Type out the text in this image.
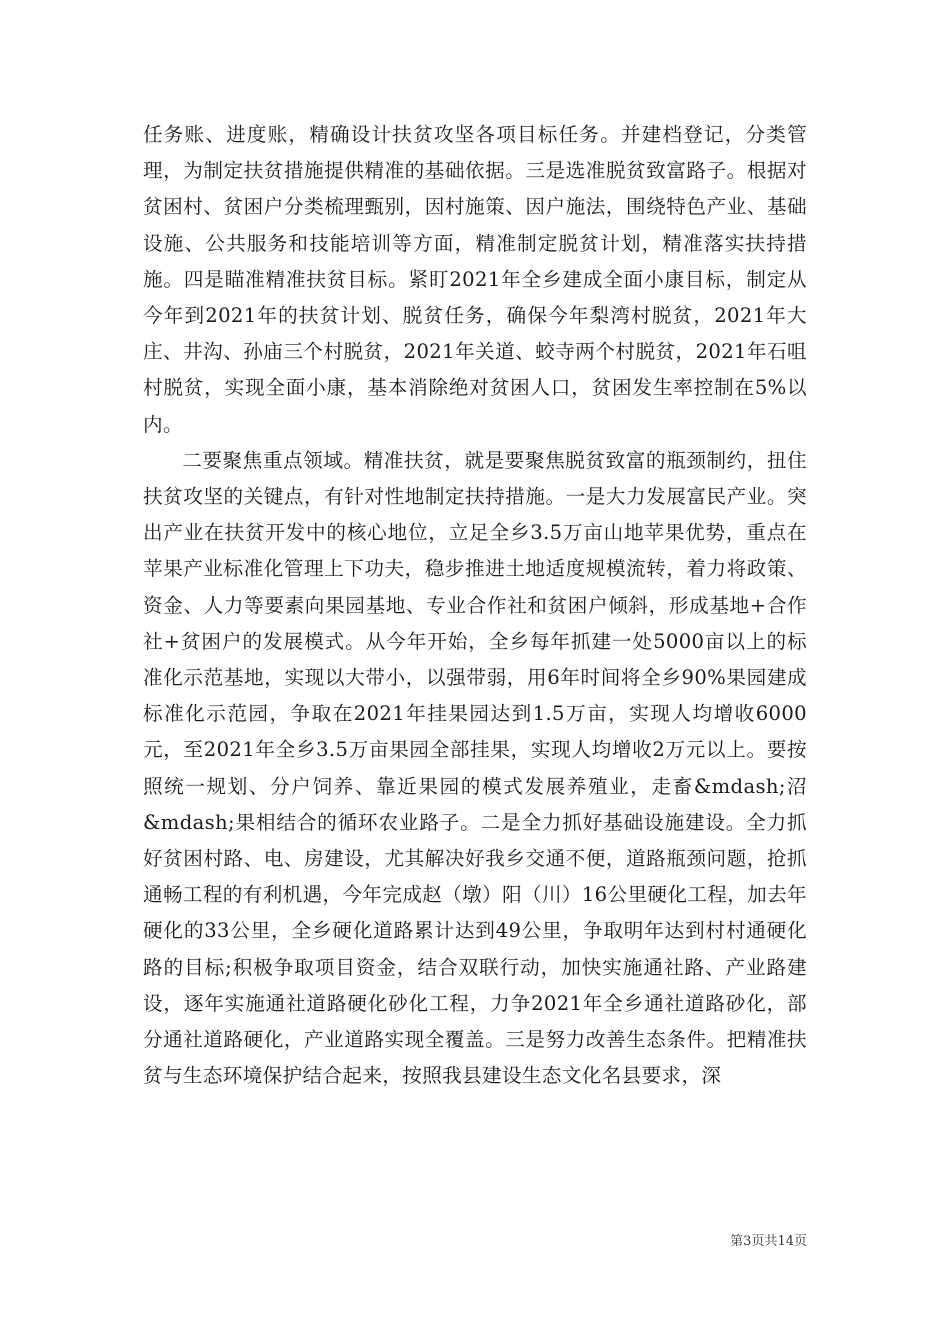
任务账、进度账，精确设计扶贫攻坚各项目标任务。并建档登记，分类管理，为制定扶贫措施提供精准的基础依据。三是选准脱贫致富路子。根据对贫困村、贫困户分类梳理甄别，因村施策、因户施法，围绕特色产业、基础设施、公共服务和技能培训等方面，精准制定脱贫计划，精准落实扶持措施。四是瞄准精准扶贫目标。紧盯2021年全乡建成全面小康目标，制定从今年到2021年的扶贫计划、脱贫任务，确保今年梨湾村脱贫，2021年大庄、井沟、孙庙三个村脱贫，2021年关道、蛟寺两个村脱贫，2021年石咀村脱贫，实现全面小康，基本消除绝对贫困人口，贫困发生率控制在5%以内。

二要聚焦重点领域。精准扶贫，就是要聚焦脱贫致富的瓶颈制约，扭住扶贫攻坚的关键点，有针对性地制定扶持措施。一是大力发展富民产业。突出产业在扶贫开发中的核心地位，立足全乡3.5万亩山地苹果优势，重点在苹果产业标准化管理上下功夫，稳步推进土地适度规模流转，着力将政策、资金、人力等要素向果园基地、专业合作社和贫困户倾斜，形成基地+合作社+贫困户的发展模式。从今年开始，全乡每年抓建一处5000亩以上的标准化示范基地，实现以大带小，以强带弱，用6年时间将全乡90%果园建成标准化示范园，争取在2021年挂果园达到1.5万亩，实现人均增收6000元，至2021年全乡3.5万亩果园全部挂果，实现人均增收2万元以上。要按照统一规划、分户饲养、靠近果园的模式发展养殖业，走畜&mdash;沼&mdash;果相结合的循环农业路子。二是全力抓好基础设施建设。全力抓好贫困村路、电、房建设，尤其解决好我乡交通不便，道路瓶颈问题，抢抓通畅工程的有利机遇，今年完成赵（墩）阳（川）16公里硬化工程，加去年硬化的33公里，全乡硬化道路累计达到49公里，争取明年达到村村通硬化路的目标;积极争取项目资金，结合双联行动，加快实施通社路、产业路建设，逐年实施通社道路硬化砂化工程，力争2021年全乡通社道路砂化，部分通社道路硬化，产业道路实现全覆盖。三是努力改善生态条件。把精准扶贫与生态环境保护结合起来，按照我县建设生态文化名县要求，深

第3页共14页
